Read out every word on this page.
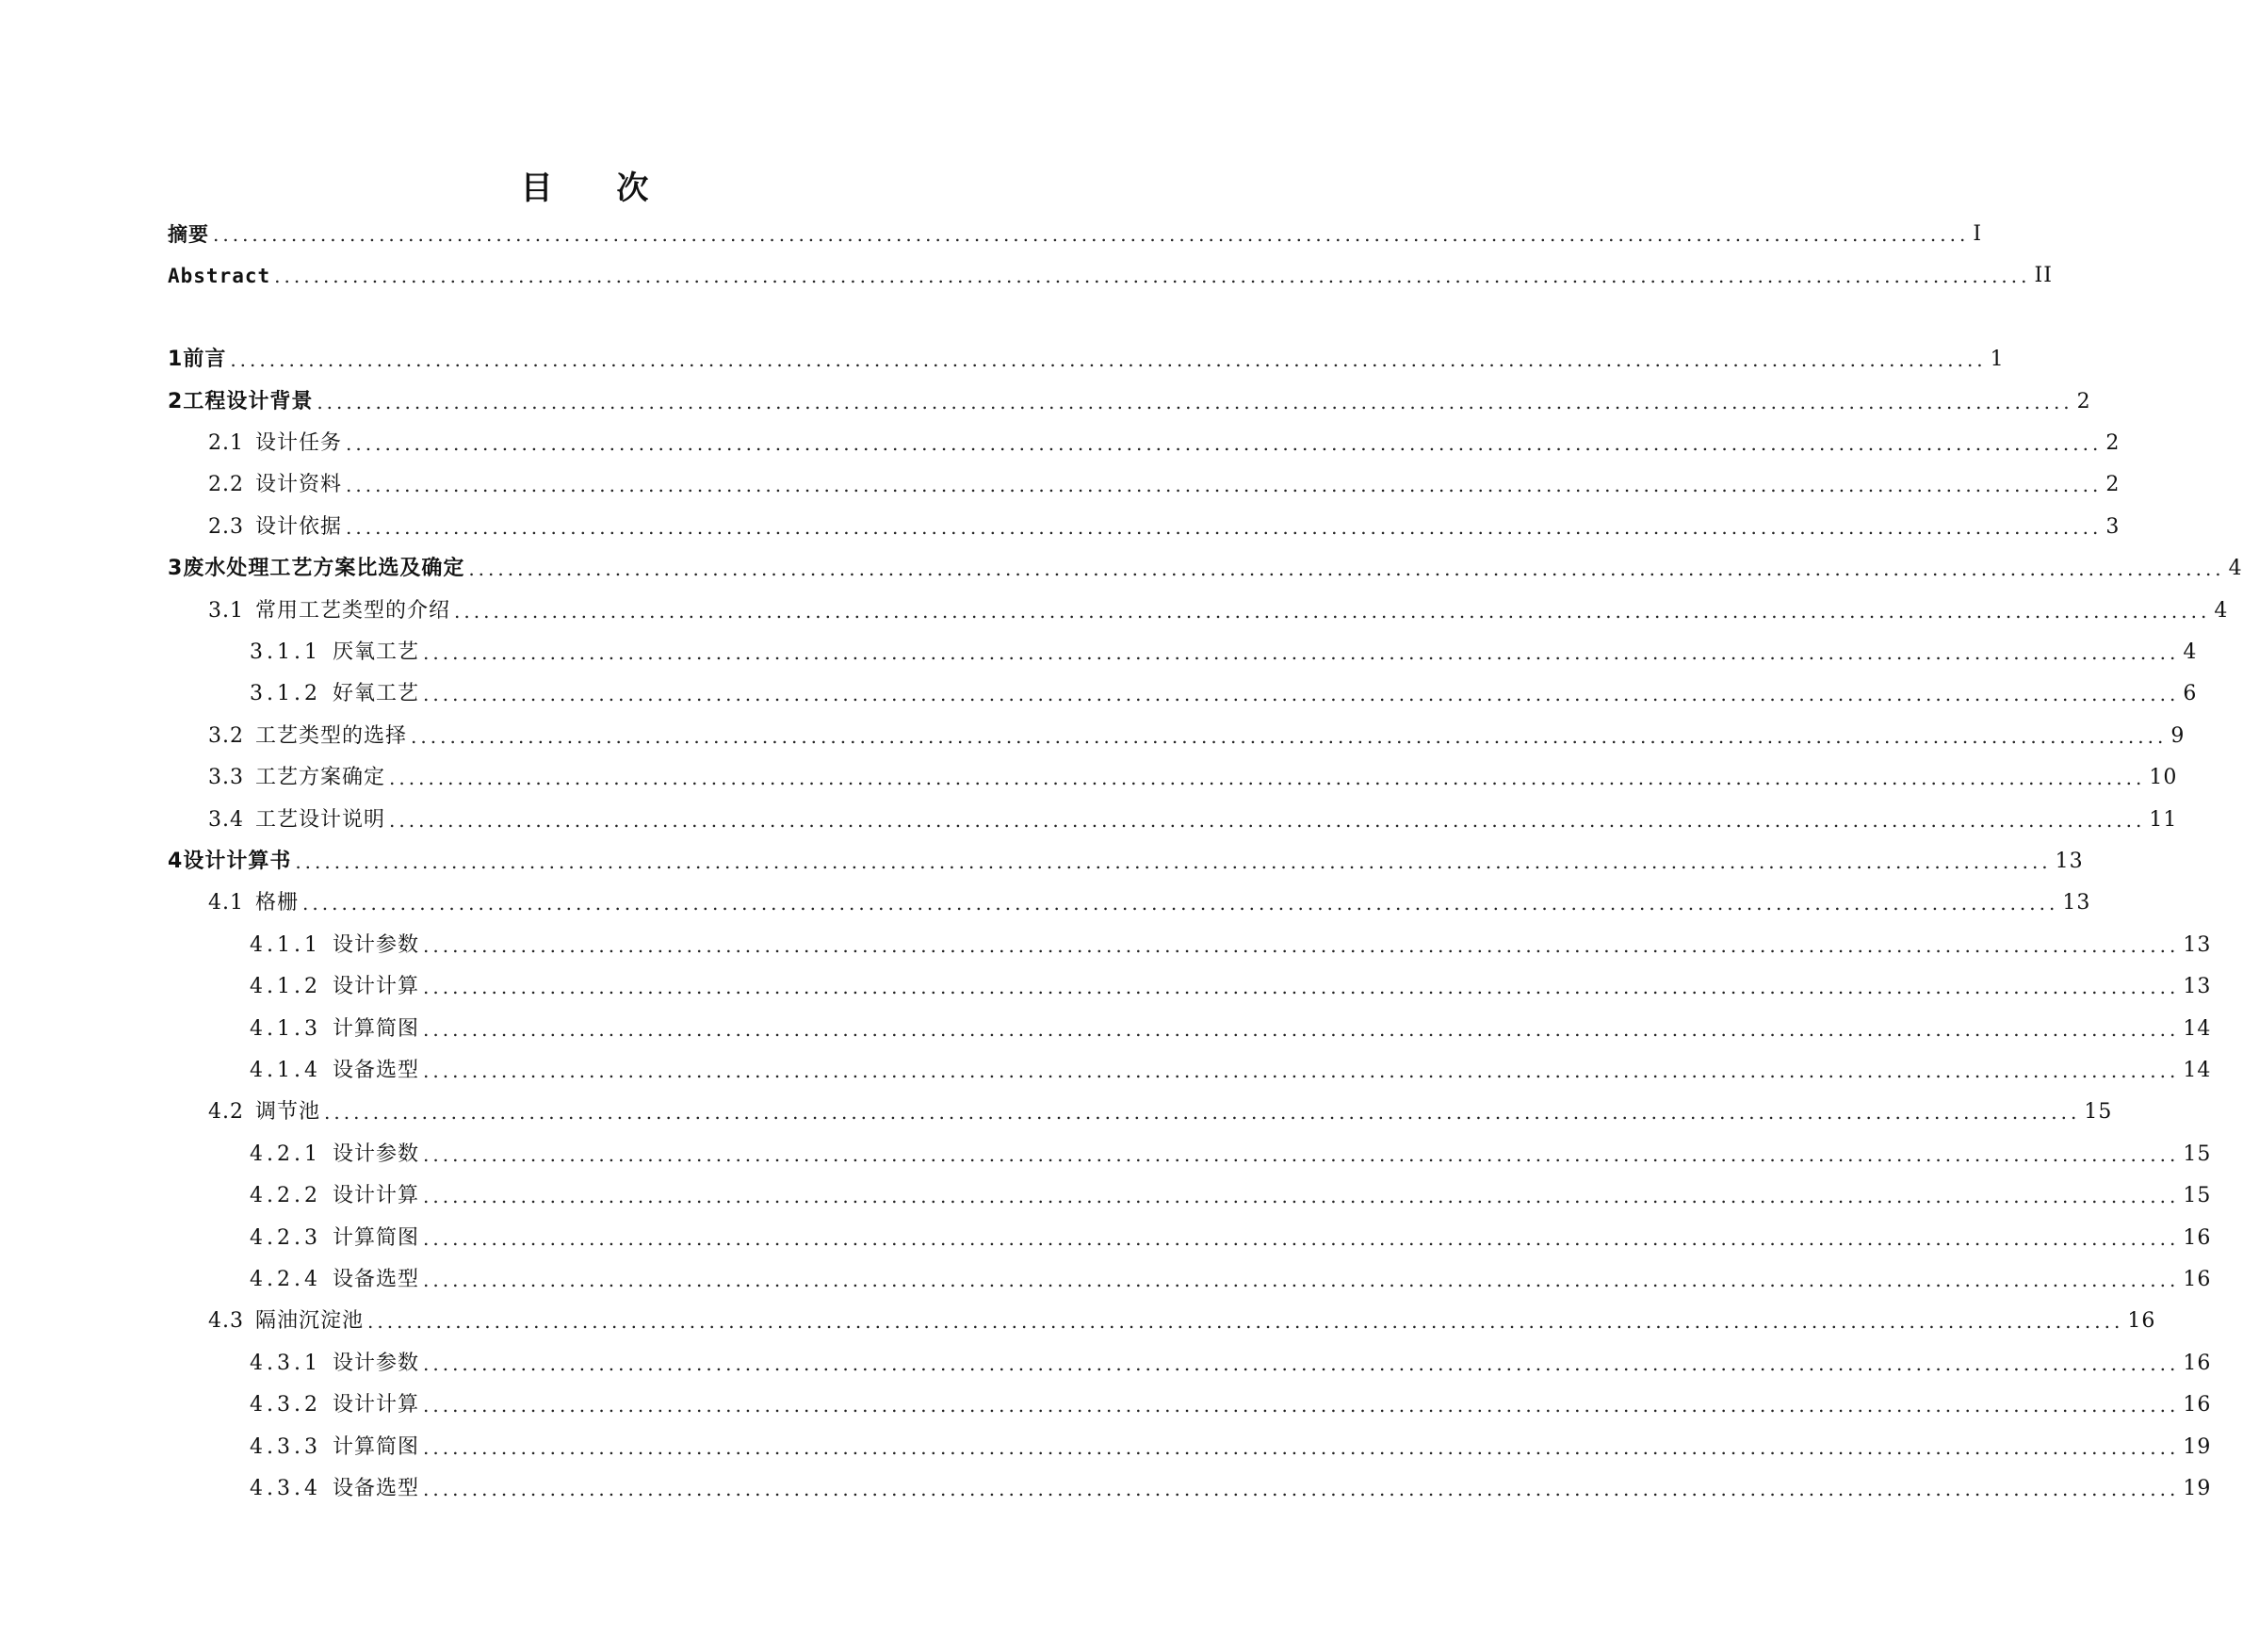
目 次
摘要 .................................................................................................................................................................................... I
Abstract .................................................................................................................................................................................... II
1 前言 .................................................................................................................................................................................... 1
2 工程设计背景 .................................................................................................................................................................................... 2
2.1 设计任务 .................................................................................................................................................................................... 2
2.2 设计资料 .................................................................................................................................................................................... 2
2.3 设计依据 .................................................................................................................................................................................... 3
3 废水处理工艺方案比选及确定 .................................................................................................................................................................................... 4
3.1 常用工艺类型的介绍 .................................................................................................................................................................................... 4
3.1.1 厌氧工艺 .................................................................................................................................................................................... 4
3.1.2 好氧工艺 .................................................................................................................................................................................... 6
3.2 工艺类型的选择 .................................................................................................................................................................................... 9
3.3 工艺方案确定 .................................................................................................................................................................................... 10
3.4 工艺设计说明 .................................................................................................................................................................................... 11
4 设计计算书 .................................................................................................................................................................................... 13
4.1 格栅 .................................................................................................................................................................................... 13
4.1.1 设计参数 .................................................................................................................................................................................... 13
4.1.2 设计计算 .................................................................................................................................................................................... 13
4.1.3 计算简图 .................................................................................................................................................................................... 14
4.1.4 设备选型 .................................................................................................................................................................................... 14
4.2 调节池 .................................................................................................................................................................................... 15
4.2.1 设计参数 .................................................................................................................................................................................... 15
4.2.2 设计计算 .................................................................................................................................................................................... 15
4.2.3 计算简图 .................................................................................................................................................................................... 16
4.2.4 设备选型 .................................................................................................................................................................................... 16
4.3 隔油沉淀池 .................................................................................................................................................................................... 16
4.3.1 设计参数 .................................................................................................................................................................................... 16
4.3.2 设计计算 .................................................................................................................................................................................... 16
4.3.3 计算简图 .................................................................................................................................................................................... 19
4.3.4 设备选型 .................................................................................................................................................................................... 19
